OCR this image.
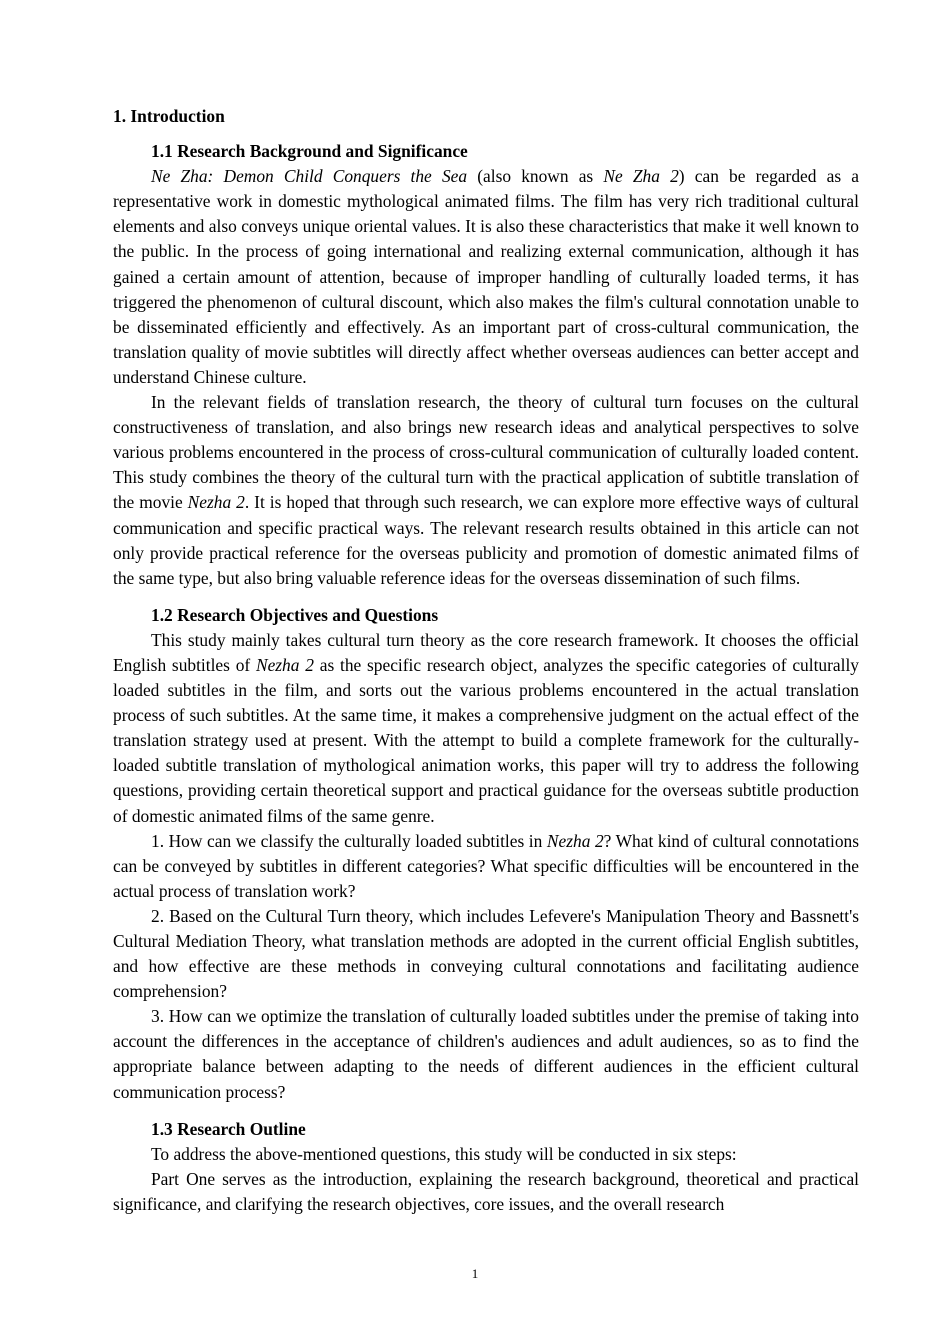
1. Introduction
1.1 Research Background and Significance

Ne Zha: Demon Child Conquers the Sea (also known as Ne Zha 2) can be regarded as a representative work in domestic mythological animated films. The film has very rich traditional cultural elements and also conveys unique oriental values. It is also these characteristics that make it well known to the public. In the process of going international and realizing external communication, although it has gained a certain amount of attention, because of improper handling of culturally loaded terms, it has triggered the phenomenon of cultural discount, which also makes the film's cultural connotation unable to be disseminated efficiently and effectively. As an important part of cross-cultural communication, the translation quality of movie subtitles will directly affect whether overseas audiences can better accept and understand Chinese culture.

In the relevant fields of translation research, the theory of cultural turn focuses on the cultural constructiveness of translation, and also brings new research ideas and analytical perspectives to solve various problems encountered in the process of cross-cultural communication of culturally loaded content. This study combines the theory of the cultural turn with the practical application of subtitle translation of the movie Nezha 2. It is hoped that through such research, we can explore more effective ways of cultural communication and specific practical ways. The relevant research results obtained in this article can not only provide practical reference for the overseas publicity and promotion of domestic animated films of the same type, but also bring valuable reference ideas for the overseas dissemination of such films.

1.2 Research Objectives and Questions

This study mainly takes cultural turn theory as the core research framework. It chooses the official English subtitles of Nezha 2 as the specific research object, analyzes the specific categories of culturally loaded subtitles in the film, and sorts out the various problems encountered in the actual translation process of such subtitles. At the same time, it makes a comprehensive judgment on the actual effect of the translation strategy used at present. With the attempt to build a complete framework for the culturally-loaded subtitle translation of mythological animation works, this paper will try to address the following questions, providing certain theoretical support and practical guidance for the overseas subtitle production of domestic animated films of the same genre.

1. How can we classify the culturally loaded subtitles in Nezha 2? What kind of cultural connotations can be conveyed by subtitles in different categories? What specific difficulties will be encountered in the actual process of translation work?

2. Based on the Cultural Turn theory, which includes Lefevere's Manipulation Theory and Bassnett's Cultural Mediation Theory, what translation methods are adopted in the current official English subtitles, and how effective are these methods in conveying cultural connotations and facilitating audience comprehension?

3. How can we optimize the translation of culturally loaded subtitles under the premise of taking into account the differences in the acceptance of children's audiences and adult audiences, so as to find the appropriate balance between adapting to the needs of different audiences in the efficient cultural communication process?

1.3 Research Outline

To address the above-mentioned questions, this study will be conducted in six steps:

Part One serves as the introduction, explaining the research background, theoretical and practical significance, and clarifying the research objectives, core issues, and the overall research

1
